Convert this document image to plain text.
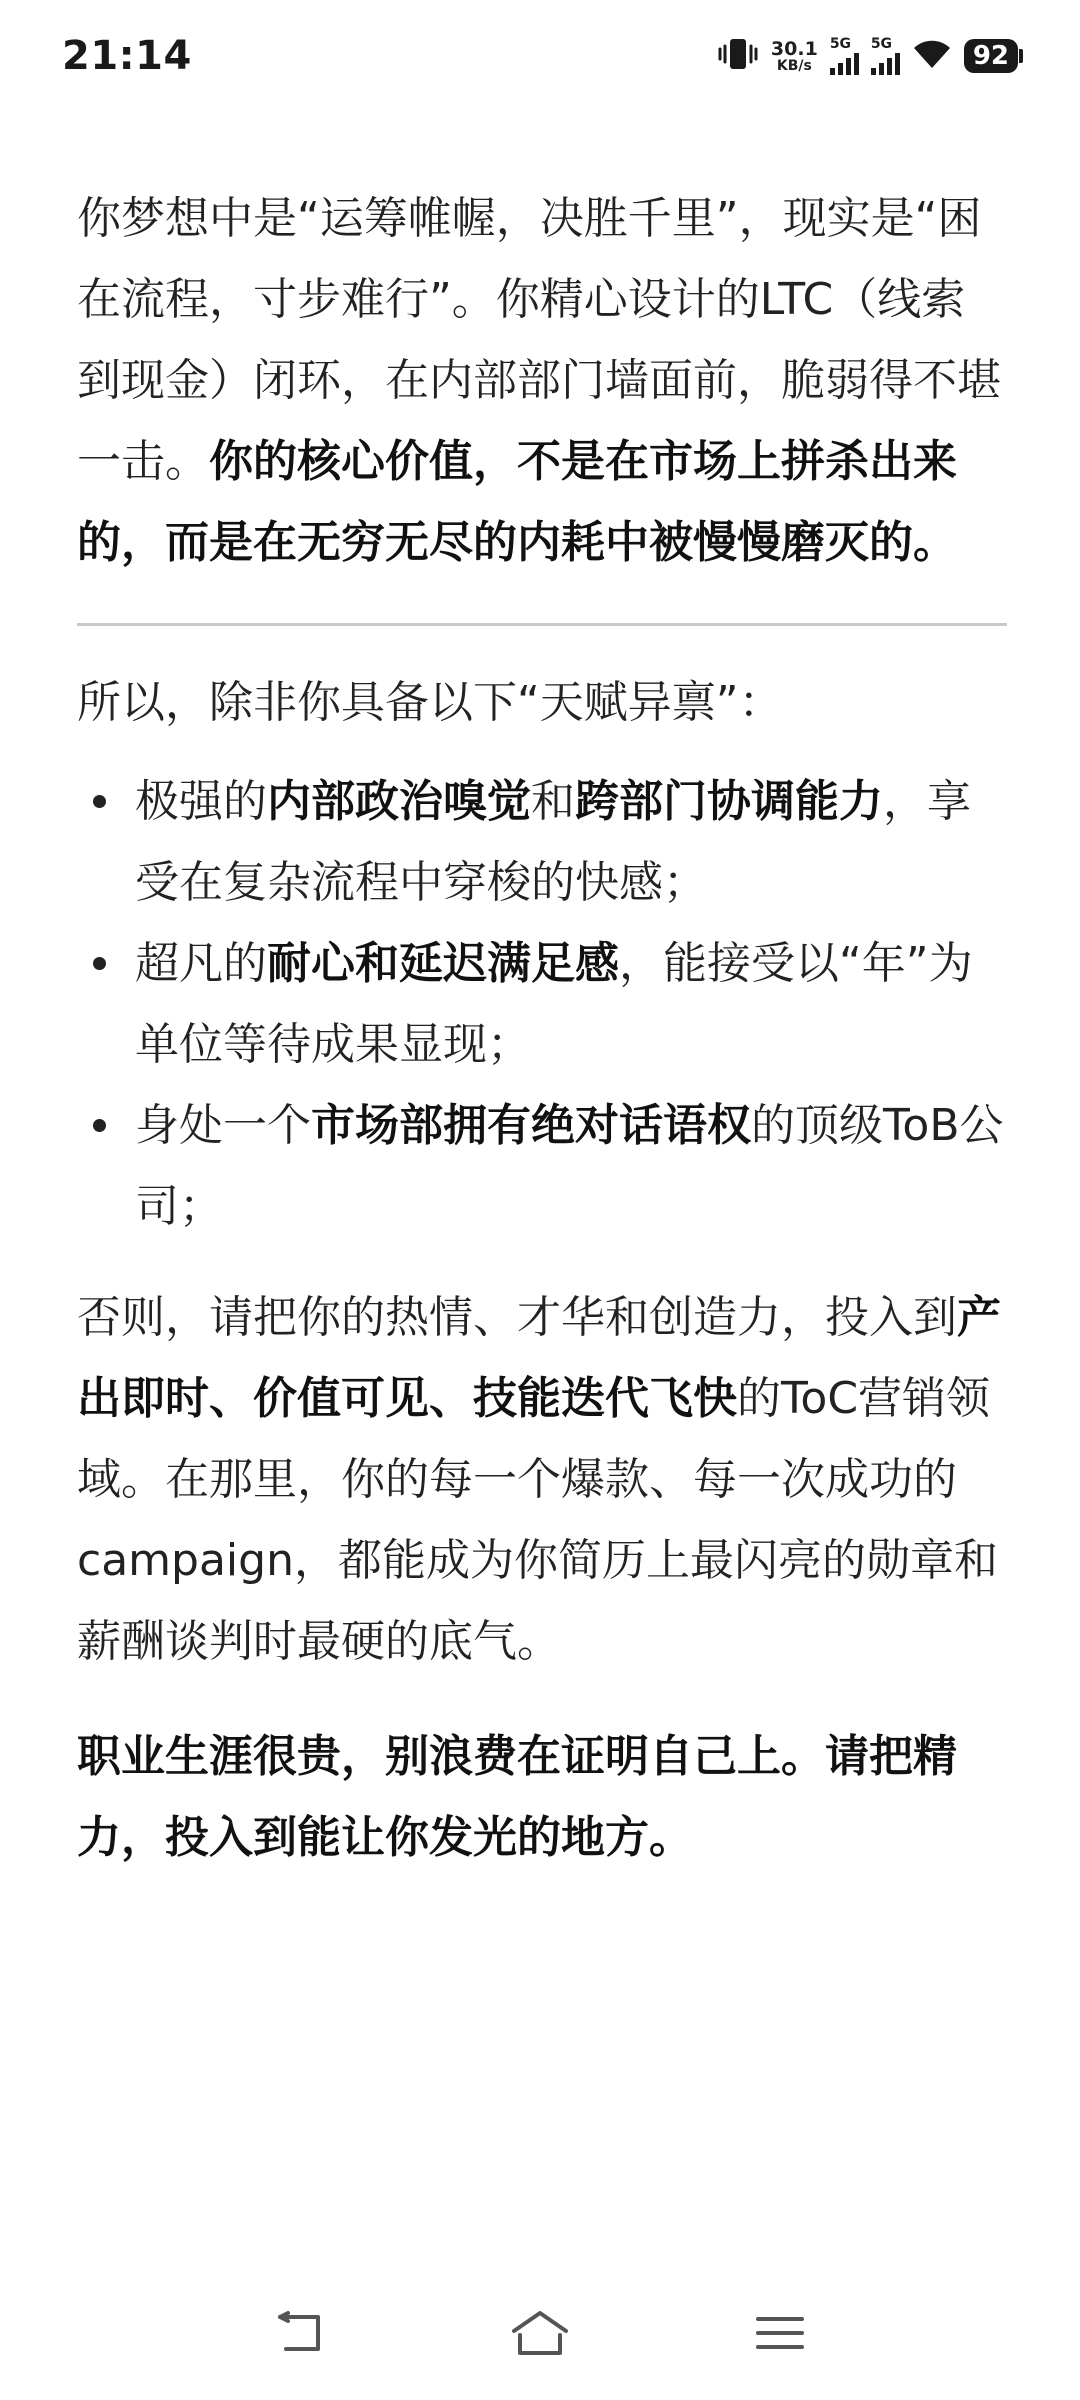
21:14	30.1
KB/s
5G 5G	92

你梦想中是“运筹帷幄，决胜千里”，现实是“困在流程，寸步难行”。你精心设计的LTC（线索到现金）闭环，在内部部门墙面前，脆弱得不堪一击。你的核心价值，不是在市场上拼杀出来的，而是在无穷无尽的内耗中被慢慢磨灭的。

所以，除非你具备以下“天赋异禀”：

极强的内部政治嗅觉和跨部门协调能力，享受在复杂流程中穿梭的快感；
超凡的耐心和延迟满足感，能接受以“年”为单位等待成果显现；
身处一个市场部拥有绝对话语权的顶级ToB公司；

否则，请把你的热情、才华和创造力，投入到产出即时、价值可见、技能迭代飞快的ToC营销领域。在那里，你的每一个爆款、每一次成功的campaign，都能成为你简历上最闪亮的勋章和薪酬谈判时最硬的底气。

职业生涯很贵，别浪费在证明自己上。请把精力，投入到能让你发光的地方。
